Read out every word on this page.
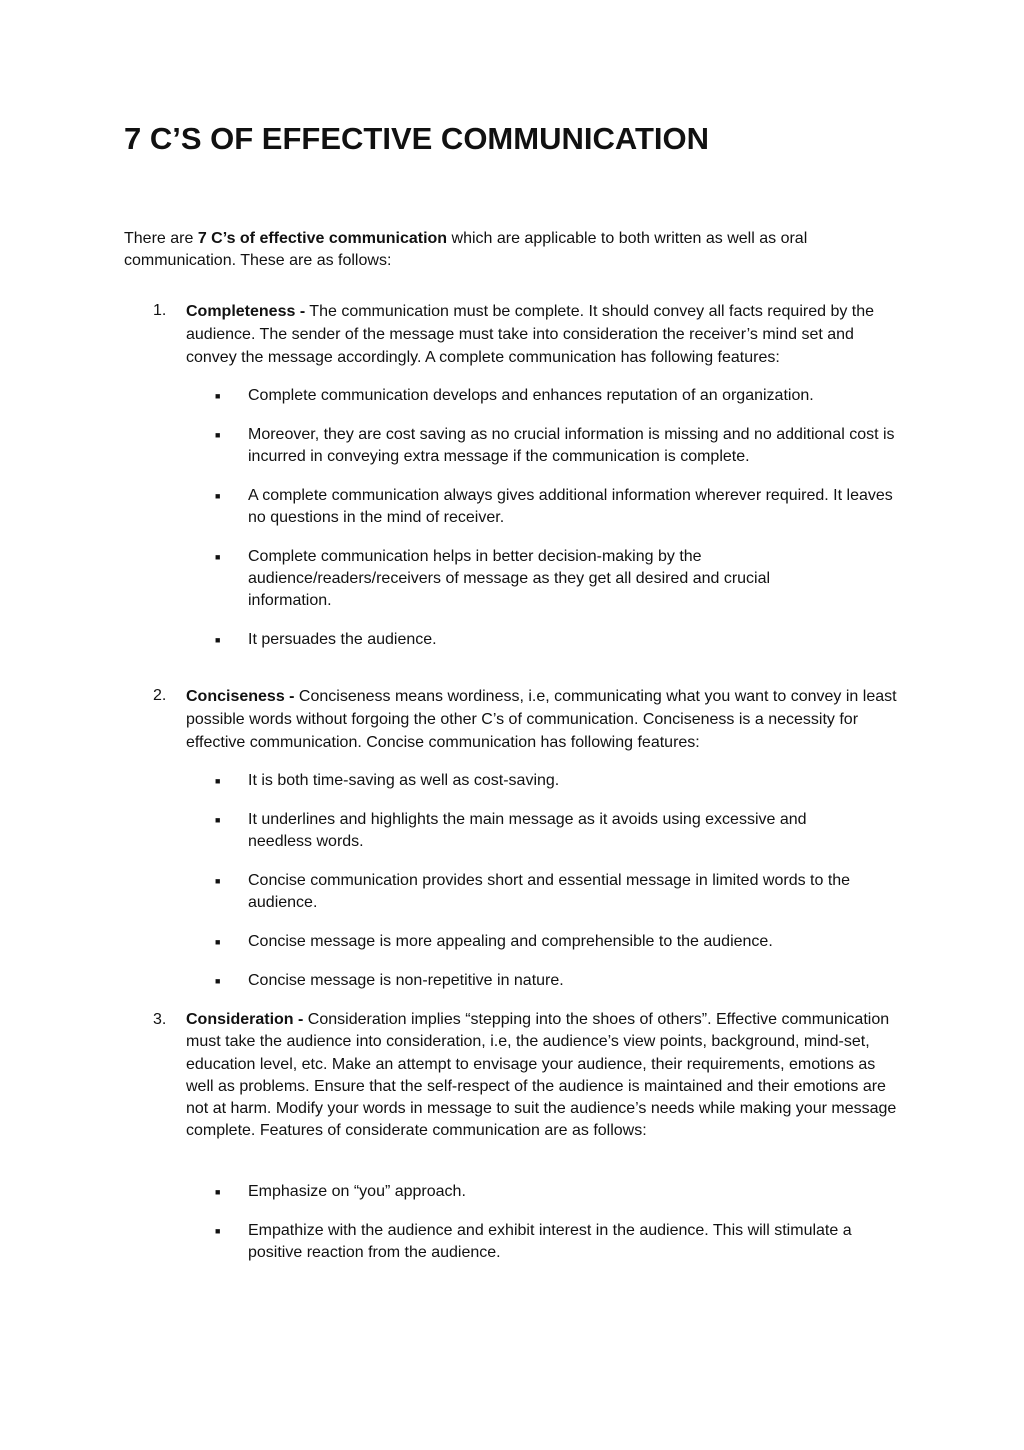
7 C’S OF EFFECTIVE COMMUNICATION

There are 7 C’s of effective communication which are applicable to both written as well as oral communication. These are as follows:

1. Completeness - The communication must be complete. It should convey all facts required by the audience. The sender of the message must take into consideration the receiver’s mind set and convey the message accordingly. A complete communication has following features:
■ Complete communication develops and enhances reputation of an organization.
■ Moreover, they are cost saving as no crucial information is missing and no additional cost is incurred in conveying extra message if the communication is complete.
■ A complete communication always gives additional information wherever required. It leaves no questions in the mind of receiver.
■ Complete communication helps in better decision-making by the audience/readers/receivers of message as they get all desired and crucial information.
■ It persuades the audience.
2. Conciseness - Conciseness means wordiness, i.e, communicating what you want to convey in least possible words without forgoing the other C’s of communication. Conciseness is a necessity for effective communication. Concise communication has following features:
■ It is both time-saving as well as cost-saving.
■ It underlines and highlights the main message as it avoids using excessive and needless words.
■ Concise communication provides short and essential message in limited words to the audience.
■ Concise message is more appealing and comprehensible to the audience.
■ Concise message is non-repetitive in nature.
3. Consideration - Consideration implies “stepping into the shoes of others”. Effective communication must take the audience into consideration, i.e, the audience’s view points, background, mind-set, education level, etc. Make an attempt to envisage your audience, their requirements, emotions as well as problems. Ensure that the self-respect of the audience is maintained and their emotions are not at harm. Modify your words in message to suit the audience’s needs while making your message complete. Features of considerate communication are as follows:
■ Emphasize on “you” approach.
■ Empathize with the audience and exhibit interest in the audience. This will stimulate a positive reaction from the audience.
